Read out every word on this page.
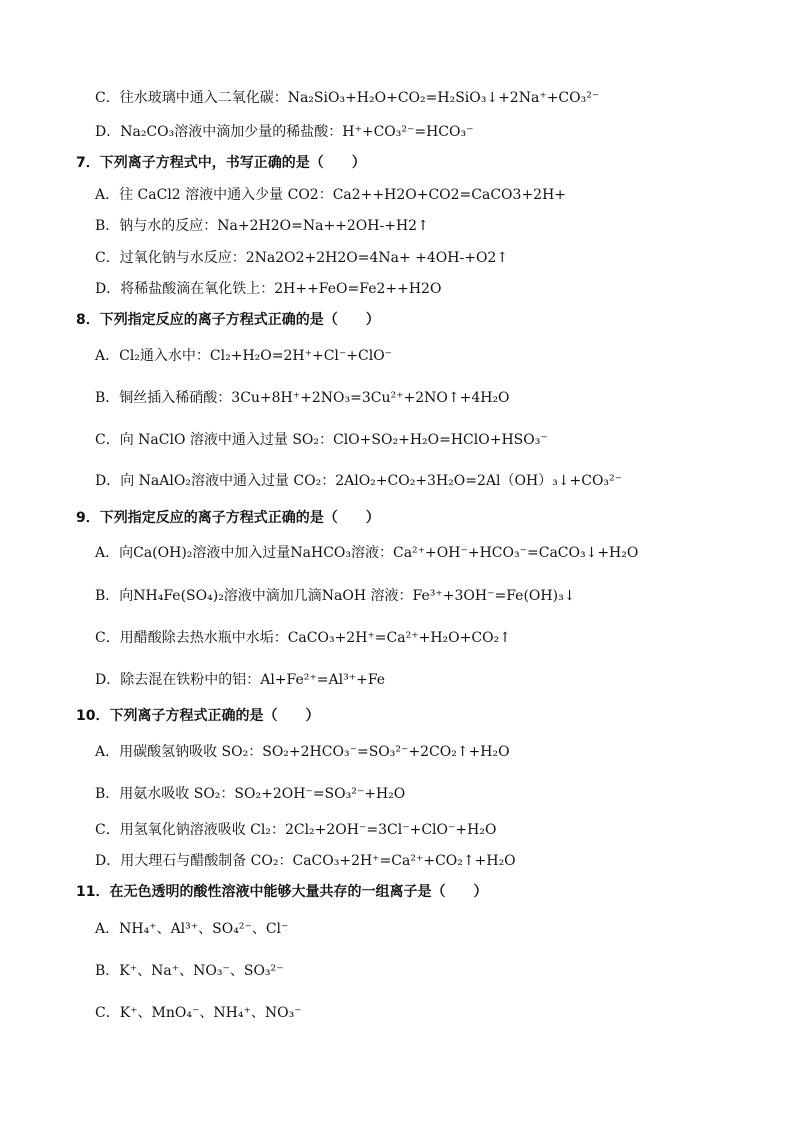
C．往水玻璃中通入二氧化碳：Na₂SiO₃+H₂O+CO₂=H₂SiO₃↓+2Na⁺+CO₃²⁻
D．Na₂CO₃溶液中滴加少量的稀盐酸：H⁺+CO₃²⁻=HCO₃⁻
7．下列离子方程式中，书写正确的是（　　）
A．往 CaCl2 溶液中通入少量 CO2：Ca2++H2O+CO2=CaCO3+2H+
B．钠与水的反应：Na+2H2O=Na++2OH-+H2↑
C．过氧化钠与水反应：2Na2O2+2H2O=4Na+ +4OH-+O2↑
D．将稀盐酸滴在氧化铁上：2H++FeO=Fe2++H2O
8．下列指定反应的离子方程式正确的是（　　）
A．Cl₂通入水中：Cl₂+H₂O=2H⁺+Cl⁻+ClO⁻
B．铜丝插入稀硝酸：3Cu+8H⁺+2NO₃=3Cu²⁺+2NO↑+4H₂O
C．向 NaClO 溶液中通入过量 SO₂：ClO+SO₂+H₂O=HClO+HSO₃⁻
D．向 NaAlO₂溶液中通入过量 CO₂：2AlO₂+CO₂+3H₂O=2Al（OH）₃↓+CO₃²⁻
9．下列指定反应的离子方程式正确的是（　　）
A．向Ca(OH)₂溶液中加入过量NaHCO₃溶液：Ca²⁺+OH⁻+HCO₃⁻=CaCO₃↓+H₂O
B．向NH₄Fe(SO₄)₂溶液中滴加几滴NaOH 溶液：Fe³⁺+3OH⁻=Fe(OH)₃↓
C．用醋酸除去热水瓶中水垢：CaCO₃+2H⁺=Ca²⁺+H₂O+CO₂↑
D．除去混在铁粉中的铝：Al+Fe²⁺=Al³⁺+Fe
10．下列离子方程式正确的是（　　）
A．用碳酸氢钠吸收 SO₂：SO₂+2HCO₃⁻=SO₃²⁻+2CO₂↑+H₂O
B．用氨水吸收 SO₂：SO₂+2OH⁻=SO₃²⁻+H₂O
C．用氢氧化钠溶液吸收 Cl₂：2Cl₂+2OH⁻=3Cl⁻+ClO⁻+H₂O
D．用大理石与醋酸制备 CO₂：CaCO₃+2H⁺=Ca²⁺+CO₂↑+H₂O
11．在无色透明的酸性溶液中能够大量共存的一组离子是（　　）
A．NH₄⁺、Al³⁺、SO₄²⁻、Cl⁻
B．K⁺、Na⁺、NO₃⁻、SO₃²⁻
C．K⁺、MnO₄⁻、NH₄⁺、NO₃⁻
